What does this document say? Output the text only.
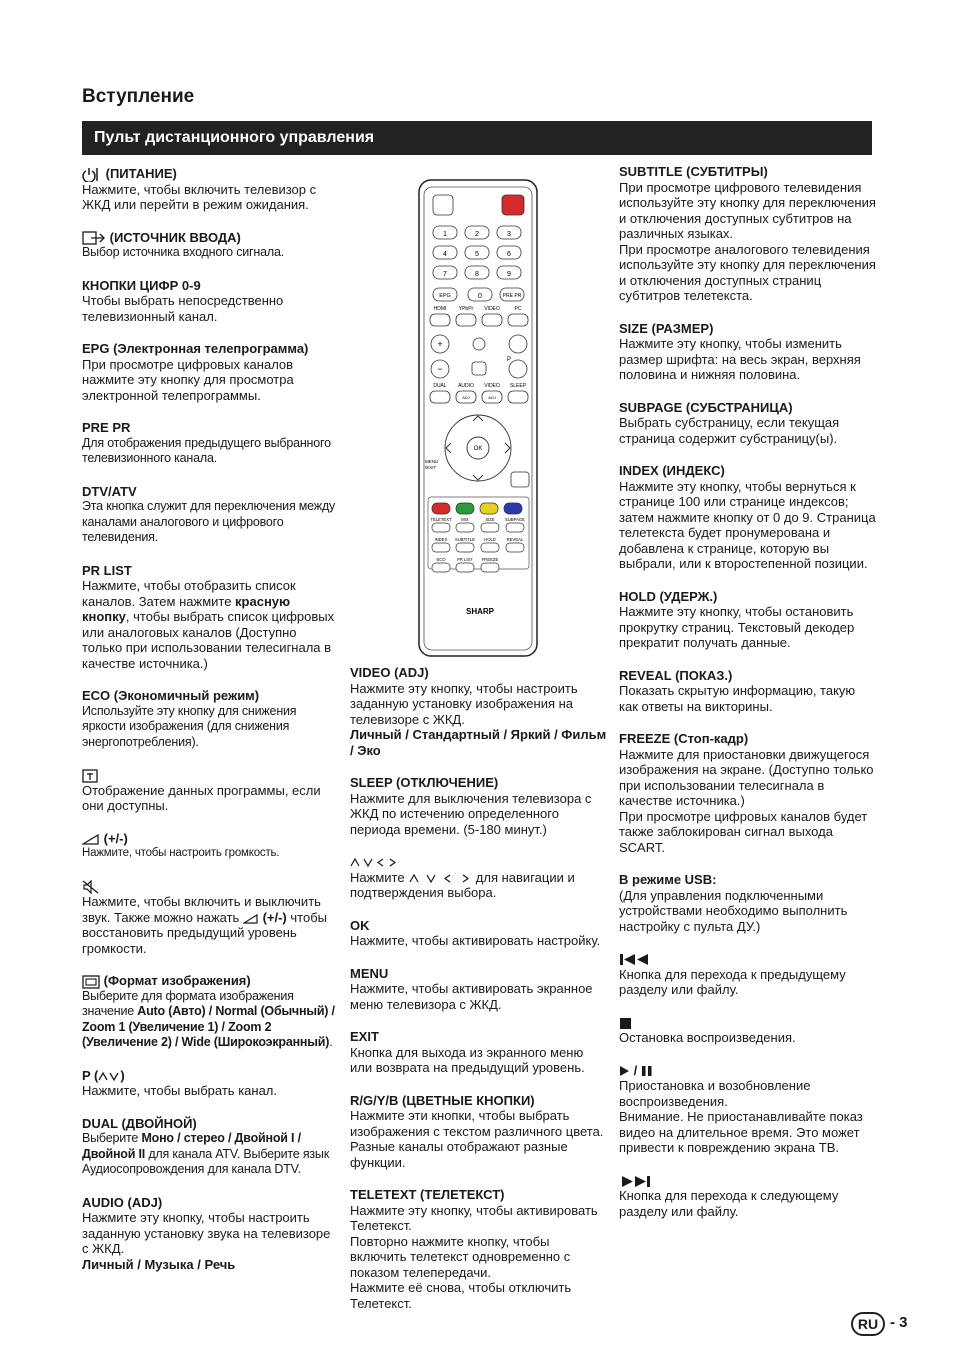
Вступление
Пульт дистанционного управления
(ПИТАНИЕ)

Нажмите, чтобы включить телевизор с ЖКД или перейти в режим ожидания.

(ИСТОЧНИК ВВОДА)

Выбор источника входного сигнала.

КНОПКИ ЦИФР 0-9

Чтобы выбрать непосредственно телевизионный канал.

EPG (Электронная телепрограмма)

При просмотре цифровых каналов нажмите эту кнопку для просмотра электронной телепрограммы.

PRE PR

Для отображения предыдущего выбранного телевизионного канала.

DTV/ATV

Эта кнопка служит для переключения между каналами аналогового и цифрового телевидения.

PR LIST

Нажмите, чтобы отобразить список каналов. Затем нажмите красную кнопку, чтобы выбрать список цифровых или аналоговых каналов (Доступно только при использовании телесигнала в качестве источника.)

ECO (Экономичный режим)

Используйте эту кнопку для снижения яркости изображения (для снижения энергопотребления).

Отображение данных программы, если они доступны.

(+/-)

Нажмите, чтобы настроить громкость.

Нажмите, чтобы включить и выключить звук. Также можно нажать  (+/-) чтобы восстановить предыдущий уровень громкости.

(Формат изображения)

Выберите для формата изображения значение Auto (Авто) / Normal (Обычный) / Zoom 1 (Увеличение 1) / Zoom 2 (Увеличение 2) / Wide (Широкоэкранный).

P ( )

Нажмите, чтобы выбрать канал.

DUAL (ДВОЙНОЙ)

Выберите Моно / стерео / Двойной I / Двойной II для канала ATV. Выберите язык Аудиосопровождения для канала DTV.

AUDIO (ADJ)

Нажмите эту кнопку, чтобы настроить заданную установку звука на телевизоре с ЖКД.

Личный / Музыка / Речь

1	2	3
4	5	6
7	8	9
EPG	0	PRE PR
HDMI YPbPr VIDEO	PC
+
−
P
DUAL AUDIO VIDEO SLEEP
ADJ	ADJ
OK
MENU
/EXIT
TELETEXT MIX	SIZE SUBPAGE
INDEX SUBTITLE HOLD	REVEAL
ECO	PR LIST FREEZE
SHARP
VIDEO (ADJ)

Нажмите эту кнопку, чтобы настроить заданную установку изображения на телевизоре с ЖКД.

Личный / Стандартный / Яркий / Фильм / Эко

SLEEP (ОТКЛЮЧЕНИЕ)

Нажмите для выключения телевизора с ЖКД по истечению определенного периода времени. (5-180 минут.)

Нажмите	для навигации и подтверждения выбора.

OK

Нажмите, чтобы активировать настройку.

MENU

Нажмите, чтобы активировать экранное меню телевизора с ЖКД.

EXIT

Кнопка для выхода из экранного меню или возврата на предыдущий уровень.

R/G/Y/B (ЦВЕТНЫЕ КНОПКИ)

Нажмите эти кнопки, чтобы выбрать изображения с текстом различного цвета. Разные каналы отображают разные функции.

TELETEXT (ТЕЛЕТЕКСТ)

Нажмите эту кнопку, чтобы активировать Телетекст.

Повторно нажмите кнопку, чтобы включить телетекст одновременно с показом телепередачи.

Нажмите её снова, чтобы отключить Телетекст.

SUBTITLE (СУБТИТРЫ)

При просмотре цифрового телевидения используйте эту кнопку для переключения и отключения доступных субтитров на различных языках.

При просмотре аналогового телевидения используйте эту кнопку для переключения и отключения доступных страниц субтитров телетекста.

SIZE (РАЗМЕР)

Нажмите эту кнопку, чтобы изменить размер шрифта: на весь экран, верхняя половина и нижняя половина.

SUBPAGE (СУБСТРАНИЦА)

Выбрать субстраницу, если текущая страница содержит субстраницу(ы).

INDEX (ИНДЕКС)

Нажмите эту кнопку, чтобы вернуться к странице 100 или странице индексов; затем нажмите кнопку от 0 до 9. Страница телетекста будет пронумерована и добавлена к странице, которую вы выбрали, или к второстепенной позиции.

HOLD (УДЕРЖ.)

Нажмите эту кнопку, чтобы остановить прокрутку страниц. Текстовый декодер прекратит получать данные.

REVEAL (ПОКАЗ.)

Показать скрытую информацию, такую как ответы на викторины.

FREEZE (Стоп-кадр)

Нажмите для приостановки движущегося изображения на экране. (Доступно только при использовании телесигнала в качестве источника.)

При просмотре цифровых каналов будет также заблокирован сигнал выхода SCART.

В режиме USB:

(Для управления подключенными устройствами необходимо выполнить настройку с пульта ДУ.)

Кнопка для перехода к предыдущему разделу или файлу.

Остановка воспроизведения.

/

Приостановка и возобновление воспроизведения.

Внимание. Не приостанавливайте показ видео на длительное время. Это может привести к повреждению экрана ТВ.

Кнопка для перехода к следующему разделу или файлу.

RU - 3
